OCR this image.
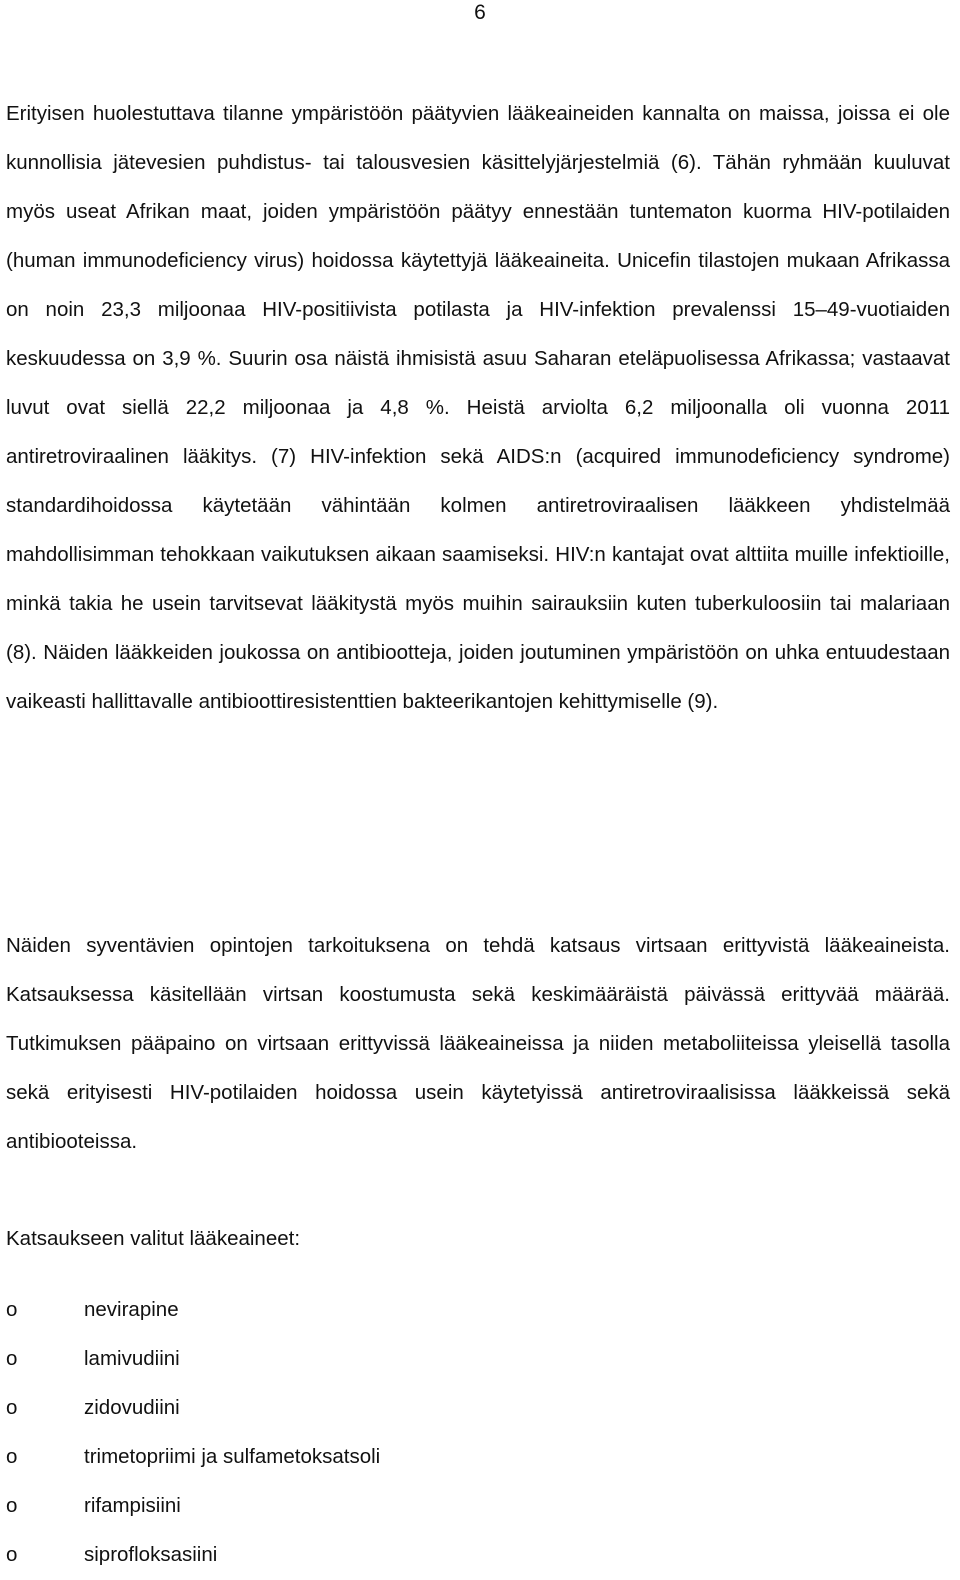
6

Erityisen huolestuttava tilanne ympäristöön päätyvien lääkeaineiden kannalta on maissa, joissa ei ole kunnollisia jätevesien puhdistus- tai talousvesien käsittelyjärjestelmiä (6). Tähän ryhmään kuuluvat myös useat Afrikan maat, joiden ympäristöön päätyy ennestään tuntematon kuorma HIV-potilaiden (human immunodeficiency virus) hoidossa käytettyjä lääkeaineita. Unicefin tilastojen mukaan Afrikassa on noin 23,3 miljoonaa HIV-positiivista potilasta ja HIV-infektion prevalenssi 15–49-vuotiaiden keskuudessa on 3,9 %. Suurin osa näistä ihmisistä asuu Saharan eteläpuolisessa Afrikassa; vastaavat luvut ovat siellä 22,2 miljoonaa ja 4,8 %. Heistä arviolta 6,2 miljoonalla oli vuonna 2011 antiretroviraalinen lääkitys. (7) HIV-infektion sekä AIDS:n (acquired immunodeficiency syndrome) standardihoidossa käytetään vähintään kolmen antiretroviraalisen lääkkeen yhdistelmää mahdollisimman tehokkaan vaikutuksen aikaan saamiseksi. HIV:n kantajat ovat alttiita muille infektioille, minkä takia he usein tarvitsevat lääkitystä myös muihin sairauksiin kuten tuberkuloosiin tai malariaan (8). Näiden lääkkeiden joukossa on antibiootteja, joiden joutuminen ympäristöön on uhka entuudestaan vaikeasti hallittavalle antibioottiresistenttien bakteerikantojen kehittymiselle (9).

Näiden syventävien opintojen tarkoituksena on tehdä katsaus virtsaan erittyvistä lääkeaineista. Katsauksessa käsitellään virtsan koostumusta sekä keskimääräistä päivässä erittyvää määrää. Tutkimuksen pääpaino on virtsaan erittyvissä lääkeaineissa ja niiden metaboliiteissa yleisellä tasolla sekä erityisesti HIV-potilaiden hoidossa usein käytetyissä antiretroviraalisissa lääkkeissä sekä antibiooteissa.

Katsaukseen valitut lääkeaineet:

o	nevirapine
o	lamivudiini
o	zidovudiini
o	trimetopriimi ja sulfametoksatsoli
o	rifampisiini
o	siprofloksasiini
